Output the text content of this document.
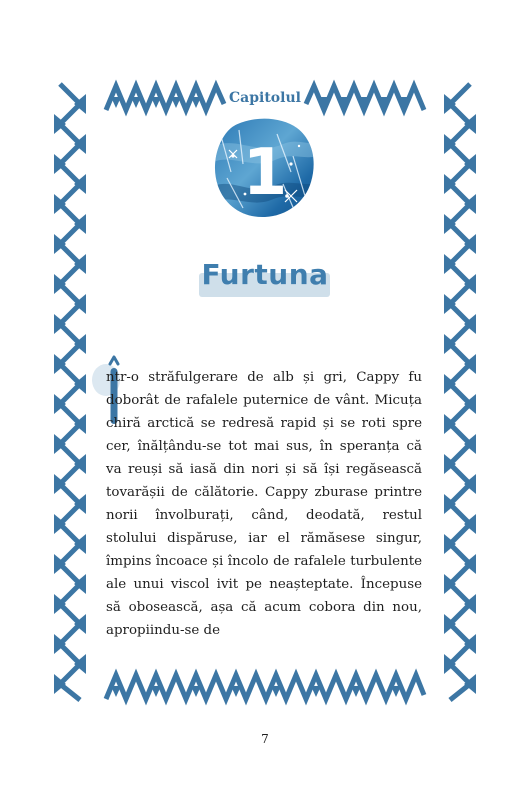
Capitolul
1
Furtuna
Î

ntr-o străfulgerare de alb și gri, Cappy fu doborât de rafalele puternice de vânt. Micuța chiră arctică se redresă rapid și se roti spre cer, înălțându-se tot mai sus, în speranța că va reuși să iasă din nori și să își regăsească tovarășii de călătorie. Cappy zburase printre norii învolburați, când, deodată, restul stolului dispăruse, iar el rămăsese singur, împins încoace și încolo de rafalele turbulente ale unui viscol ivit pe neașteptate. Începuse să obosească, așa că acum cobora din nou, apropiindu-se de

7
